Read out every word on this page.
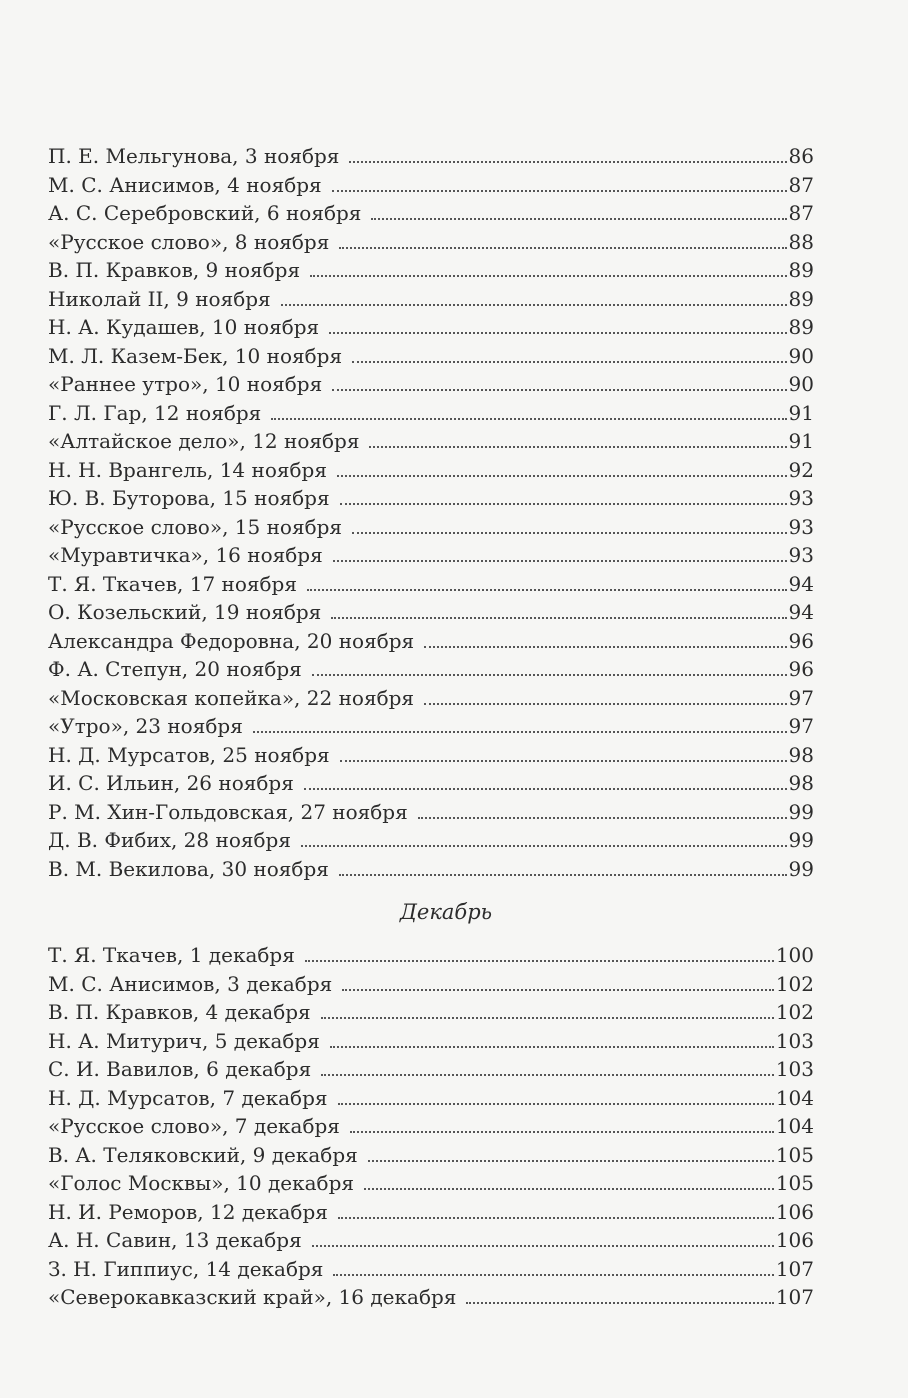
П. Е. Мельгунова, 3 ноября	86
М. С. Анисимов, 4 ноября	87
А. С. Серебровский, 6 ноября	87
«Русское слово», 8 ноября	88
В. П. Кравков, 9 ноября	89
Николай II, 9 ноября	89
Н. А. Кудашев, 10 ноября	89
М. Л. Казем-Бек, 10 ноября	90
«Раннее утро», 10 ноября	90
Г. Л. Гар, 12 ноября	91
«Алтайское дело», 12 ноября	91
Н. Н. Врангель, 14 ноября	92
Ю. В. Буторова, 15 ноября	93
«Русское слово», 15 ноября	93
«Муравтичка», 16 ноября	93
Т. Я. Ткачев, 17 ноября	94
О. Козельский, 19 ноября	94
Александра Федоровна, 20 ноября	96
Ф. А. Степун, 20 ноября	96
«Московская копейка», 22 ноября	97
«Утро», 23 ноября	97
Н. Д. Мурсатов, 25 ноября	98
И. С. Ильин, 26 ноября	98
Р. М. Хин-Гольдовская, 27 ноября	99
Д. В. Фибих, 28 ноября	99
В. М. Векилова, 30 ноября	99
Декабрь
Т. Я. Ткачев, 1 декабря	100
М. С. Анисимов, 3 декабря	102
В. П. Кравков, 4 декабря	102
Н. А. Митурич, 5 декабря	103
С. И. Вавилов, 6 декабря	103
Н. Д. Мурсатов, 7 декабря	104
«Русское слово», 7 декабря	104
В. А. Теляковский, 9 декабря	105
«Голос Москвы», 10 декабря	105
Н. И. Реморов, 12 декабря	106
А. Н. Савин, 13 декабря	106
З. Н. Гиппиус, 14 декабря	107
«Северокавказский край», 16 декабря	107
